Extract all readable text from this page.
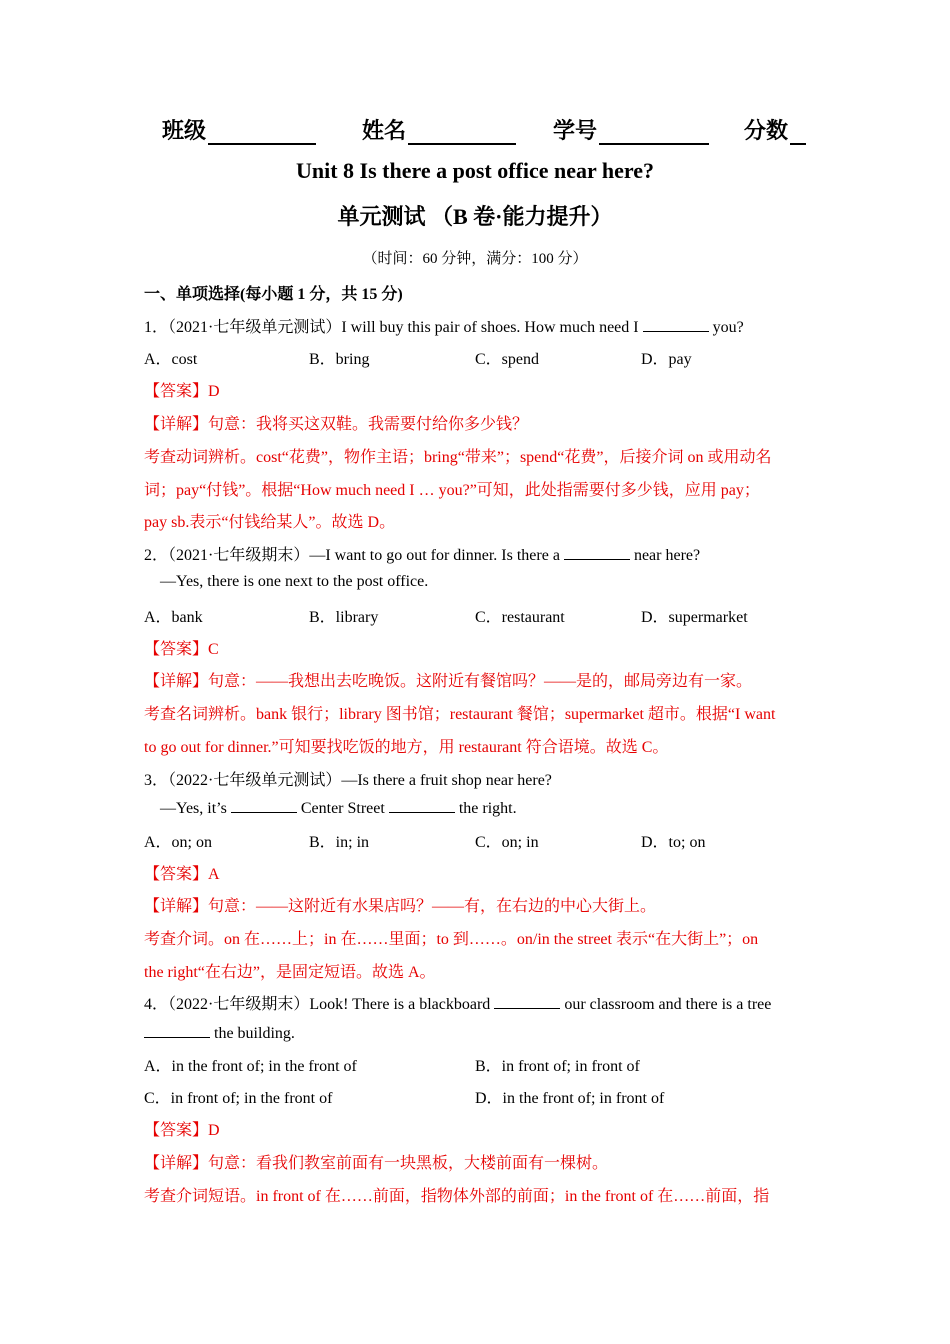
班级	姓名	学号	分数
Unit 8 Is there a post office near here?
单元测试 （B 卷·能力提升）
（时间：60 分钟，满分：100 分）
一、单项选择(每小题 1 分，共 15 分)
1．（2021·七年级单元测试）I will buy this pair of shoes. How much need I	you?
A．cost	B．bring	C．spend	D．pay
【答案】D
【详解】句意：我将买这双鞋。我需要付给你多少钱？
考查动词辨析。cost“花费”，物作主语；bring“带来”；spend“花费”，后接介词 on 或用动名
词；pay“付钱”。根据“How much need I … you?”可知，此处指需要付多少钱，应用 pay；
pay sb.表示“付钱给某人”。故选 D。
2．（2021·七年级期末）—I want to go out for dinner. Is there a	near here?
—Yes, there is one next to the post office.
A．bank	B．library	C．restaurant	D．supermarket
【答案】C
【详解】句意：——我想出去吃晚饭。这附近有餐馆吗？——是的，邮局旁边有一家。
考查名词辨析。bank 银行；library 图书馆；restaurant 餐馆；supermarket 超市。根据“I want
to go out for dinner.”可知要找吃饭的地方，用 restaurant 符合语境。故选 C。
3．（2022·七年级单元测试）—Is there a fruit shop near here?
—Yes, it’s	Center Street	the right.
A．on; on	B．in; in	C．on; in	D．to; on
【答案】A
【详解】句意：——这附近有水果店吗？——有，在右边的中心大街上。
考查介词。on 在……上；in 在……里面；to 到……。on/in the street 表示“在大街上”；on
the right“在右边”，是固定短语。故选 A。
4．（2022·七年级期末）Look! There is a blackboard	our classroom and there is a tree
the building.
A．in the front of; in the front of	B．in front of; in front of
C．in front of; in the front of	D．in the front of; in front of
【答案】D
【详解】句意：看我们教室前面有一块黑板，大楼前面有一棵树。
考查介词短语。in front of 在……前面，指物体外部的前面；in the front of 在……前面，指
